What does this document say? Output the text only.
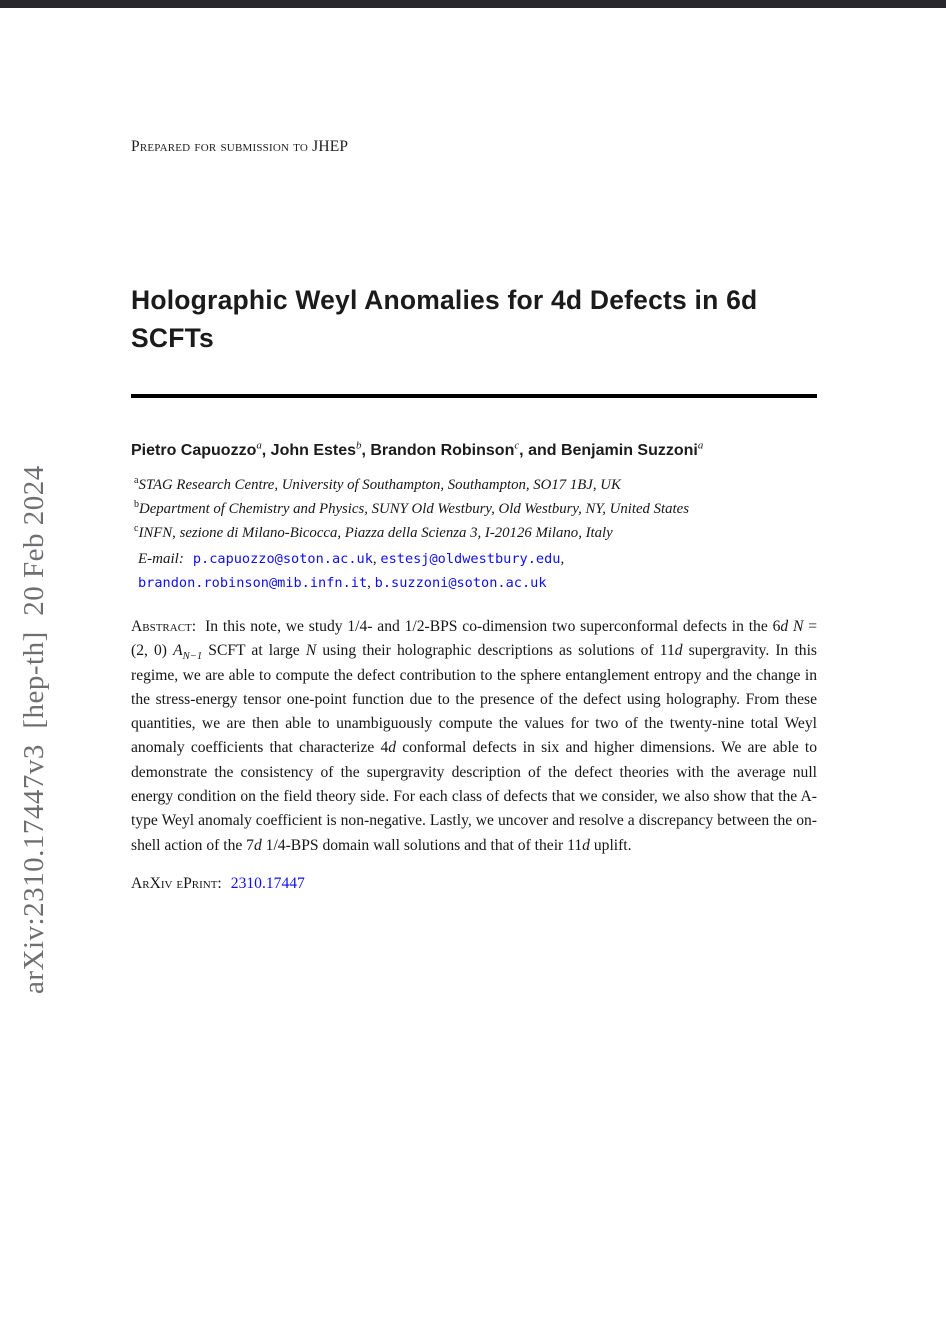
arXiv:2310.17447v3  [hep-th]  20 Feb 2024
Prepared for submission to JHEP
Holographic Weyl Anomalies for 4d Defects in 6d
SCFTs
Pietro Capuozzo$^a$, John Estes$^b$, Brandon Robinson$^c$, and Benjamin Suzzoni$^a$
$^a$STAG Research Centre, University of Southampton, Southampton, SO17 1BJ, UK
$^b$Department of Chemistry and Physics, SUNY Old Westbury, Old Westbury, NY, United States
$^c$INFN, sezione di Milano-Bicocca, Piazza della Scienza 3, I-20126 Milano, Italy
E-mail: p.capuozzo@soton.ac.uk, estesj@oldwestbury.edu,
brandon.robinson@mib.infn.it, b.suzzoni@soton.ac.uk
Abstract: In this note, we study 1/4- and 1/2-BPS co-dimension two superconformal defects in the 6d N = (2, 0) $A_{N-1}$ SCFT at large N using their holographic descriptions as solutions of 11d supergravity. In this regime, we are able to compute the defect contribution to the sphere entanglement entropy and the change in the stress-energy tensor one-point function due to the presence of the defect using holography. From these quantities, we are then able to unambiguously compute the values for two of the twenty-nine total Weyl anomaly coefficients that characterize 4d conformal defects in six and higher dimensions. We are able to demonstrate the consistency of the supergravity description of the defect theories with the average null energy condition on the field theory side. For each class of defects that we consider, we also show that the A-type Weyl anomaly coefficient is non-negative. Lastly, we uncover and resolve a discrepancy between the on-shell action of the 7d 1/4-BPS domain wall solutions and that of their 11d uplift.
ArXiv ePrint: 2310.17447
